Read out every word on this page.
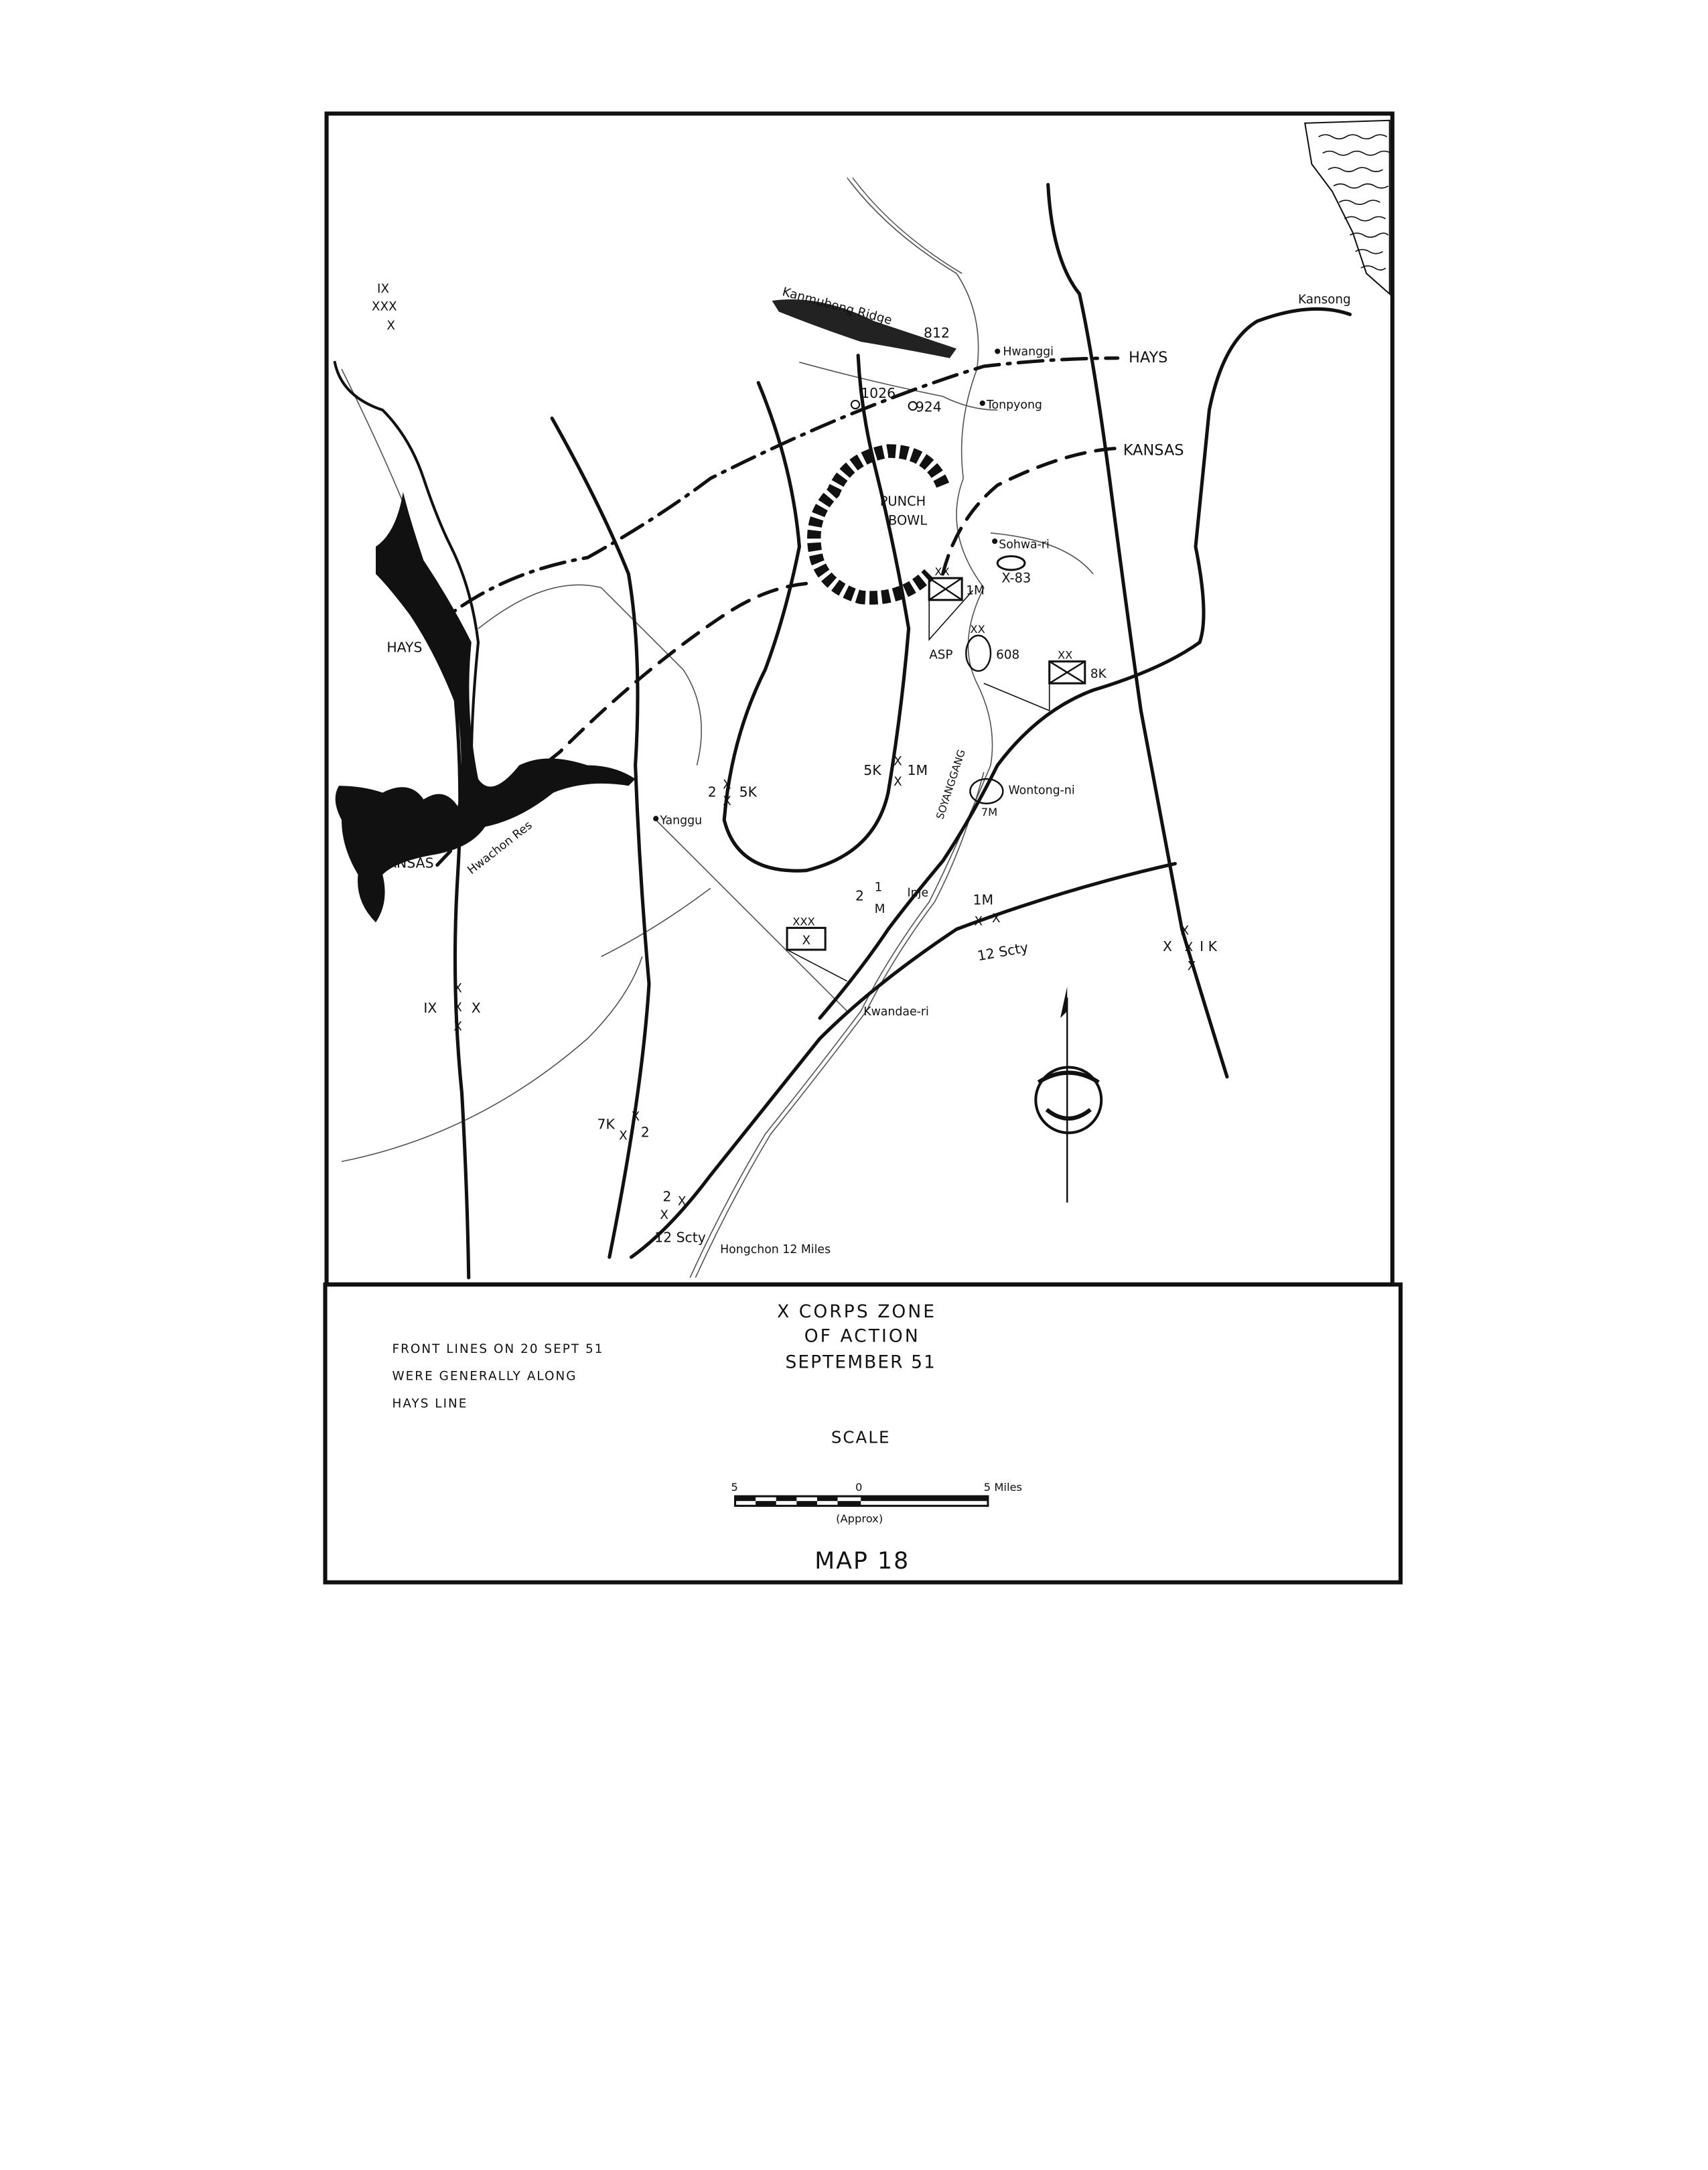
Kansong
Kanmubong Ridge
812
Hwanggi
1026
924	Tonpyong
PUNCH
BOWL
Sohwa-ri
X-83
Yanggu	SOYANGGANG	Wontong-ni
Inje
Kwandae-ri
Hongchon 12 Miles
Hwachon Res
HAYS
HAYS
KANSAS
KANSAS
IX
XXX
X
XX
1M
XX
ASP	608	XX
8K
7M
2 X
X
5K
5K
X
X
1M
2
1
M
1M
X X
12 Scty
XXX
X
IX
X
X
X
X
X
X
X
X
I K
7K	X
X 2
2 X
X
12 Scty
X CORPS ZONE
OF ACTION
SEPTEMBER 51
FRONT LINES ON 20 SEPT 51
WERE GENERALLY ALONG
HAYS LINE
SCALE
5	0	5 Miles
(Approx)
MAP 18
